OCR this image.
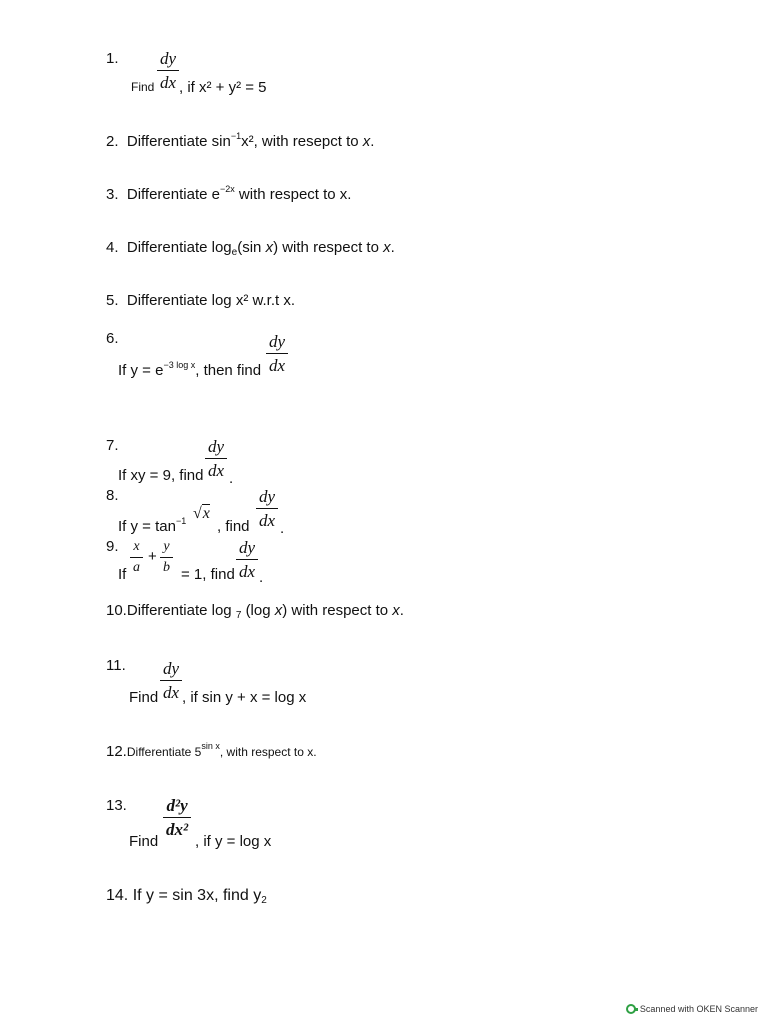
1.
Find $\frac{dy}{dx}$ , if x² + y² = 5
2. Differentiate $\sin^{-1}x^2$, with resepct to x.
3. Differentiate $e^{-2x}$ with respect to x.
4. Differentiate $\log_e(\sin$ x) with respect to x.
5. Differentiate log x² w.r.t x.
6.
If $y = e^{-3 log x}$, then find $\frac{dy}{dx}$
7.
If xy = 9, find $\frac{dy}{dx}$ .
8.
If $y = \tan^{-1} √x$
, find $\frac{dy}{dx}$ .
9.
If $\frac{x}{a} + \frac{y}{b} = 1$, find $\frac{dy}{dx}$ .
10.Differentiate log $_7$ (log x) with respect to x.
11.
Find $\frac{dy}{dx}$ , if sin y + x = log x
12.Differentiate $5^{sin x}$, with respect to x.
13.
Find
$\frac{\text{d²y}}{\text{dx²}}$
, if y = log x
14. If y = sin 3x, find $y_2$
Scanned with OKEN Scanner
